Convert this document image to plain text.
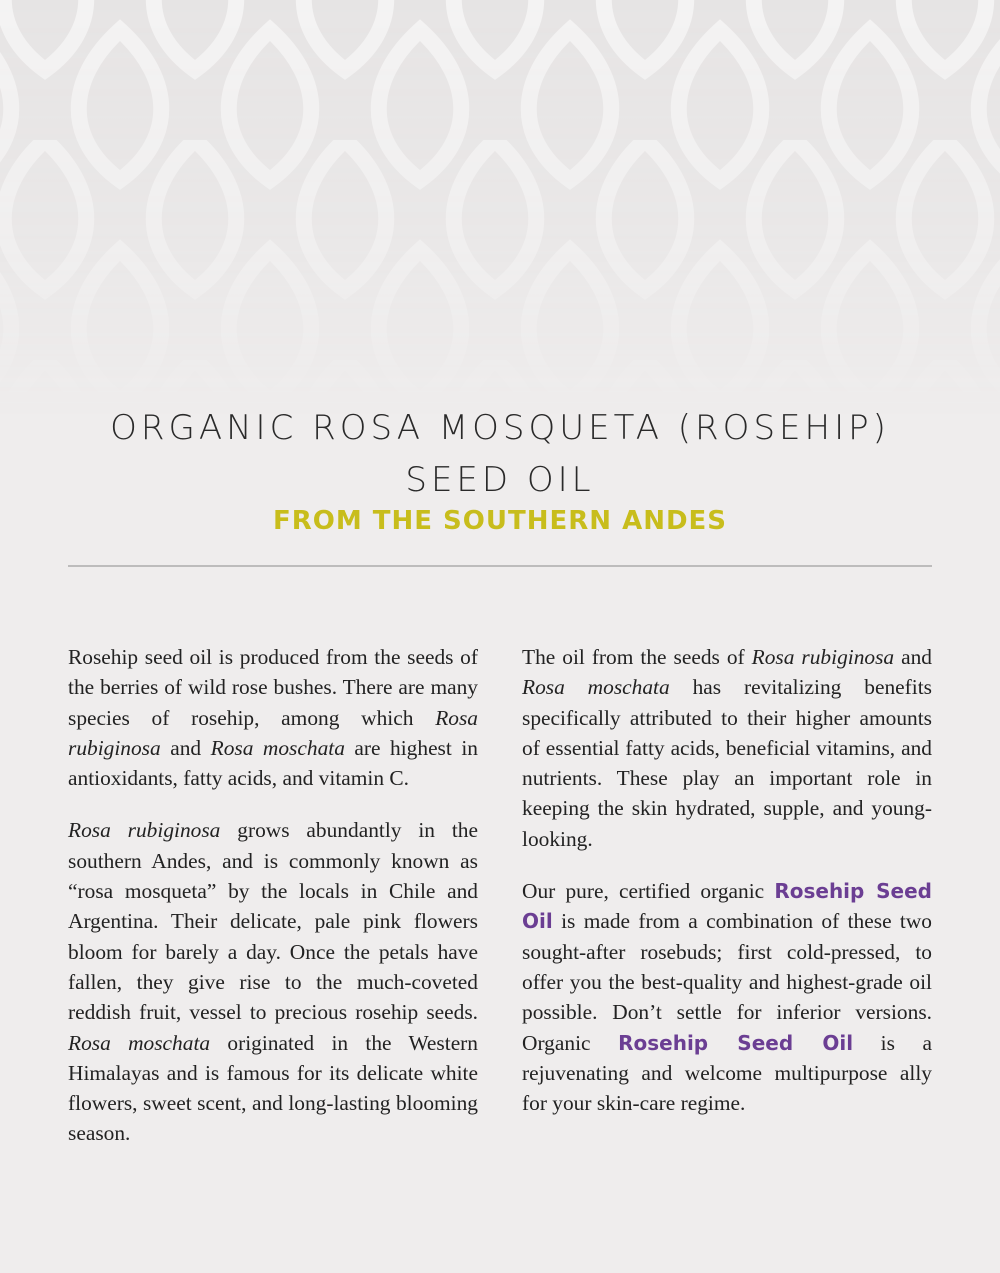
ORGANIC ROSA MOSQUETA (ROSEHIP)

SEED OIL

FROM THE SOUTHERN ANDES

Rosehip seed oil is produced from the seeds of the berries of wild rose bushes. There are many species of rosehip, among which Rosa rubiginosa and Rosa moschata are highest in antioxidants, fatty acids, and vitamin C.

Rosa rubiginosa grows abundantly in the southern Andes, and is commonly known as “rosa mosqueta” by the locals in Chile and Argentina. Their delicate, pale pink flowers bloom for barely a day. Once the petals have fallen, they give rise to the much-coveted reddish fruit, vessel to precious rosehip seeds. Rosa moschata originated in the Western Himalayas and is famous for its delicate white flowers, sweet scent, and long-lasting blooming season.

The oil from the seeds of Rosa rubiginosa and Rosa moschata has revitalizing benefits specifically attributed to their higher amounts of essential fatty acids, beneficial vitamins, and nutrients. These play an important role in keeping the skin hydrated, supple, and young-looking.

Our pure, certified organic Rosehip Seed Oil is made from a combination of these two sought-after rosebuds; first cold-pressed, to offer you the best-quality and highest-grade oil possible. Don’t settle for inferior versions. Organic Rosehip Seed Oil is a rejuvenating and welcome multipurpose ally for your skin-care regime.
